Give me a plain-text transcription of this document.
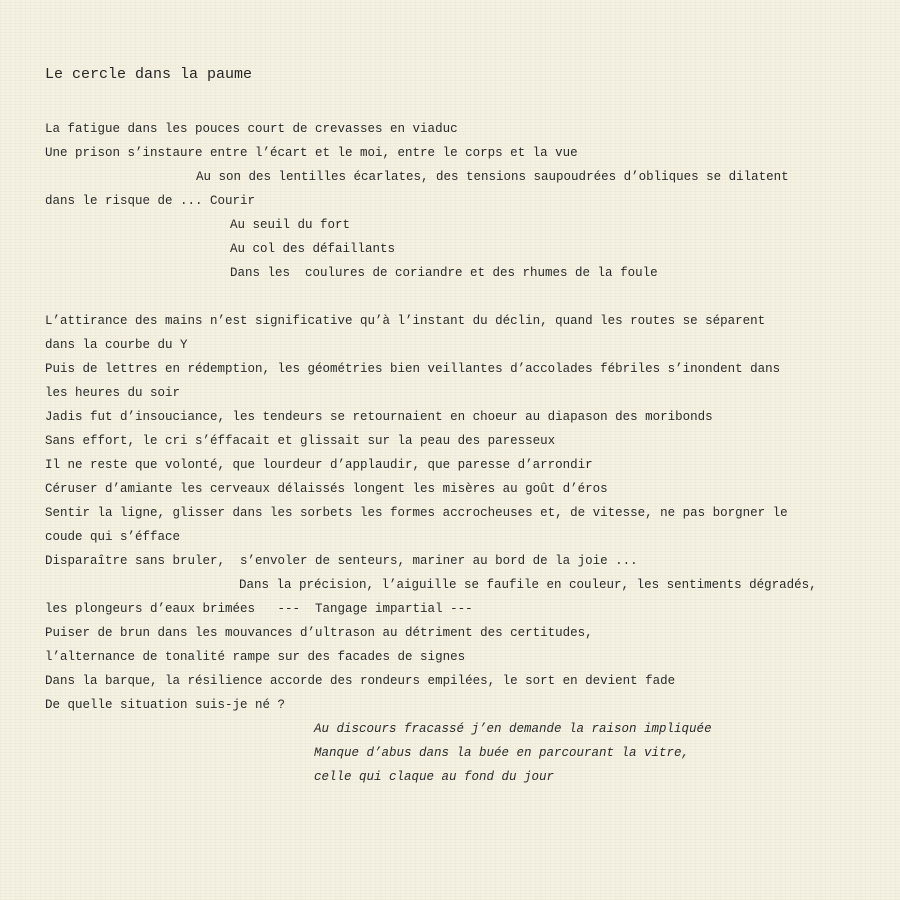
Le cercle dans la paume
La fatigue dans les pouces court de crevasses en viaduc
Une prison s’instaure entre l’écart et le moi, entre le corps et la vue
Au son des lentilles écarlates, des tensions saupoudrées d’obliques se dilatent
dans le risque de ... Courir
Au seuil du fort
Au col des défaillants
Dans les  coulures de coriandre et des rhumes de la foule
L’attirance des mains n’est significative qu’à l’instant du déclin, quand les routes se séparent
dans la courbe du Y
Puis de lettres en rédemption, les géométries bien veillantes d’accolades fébriles s’inondent dans
les heures du soir
Jadis fut d’insouciance, les tendeurs se retournaient en choeur au diapason des moribonds
Sans effort, le cri s’éffacait et glissait sur la peau des paresseux
Il ne reste que volonté, que lourdeur d’applaudir, que paresse d’arrondir
Céruser d’amiante les cerveaux délaissés longent les misères au goût d’éros
Sentir la ligne, glisser dans les sorbets les formes accrocheuses et, de vitesse, ne pas borgner le
coude qui s’éfface
Disparaître sans bruler,  s’envoler de senteurs, mariner au bord de la joie ...
Dans la précision, l’aiguille se faufile en couleur, les sentiments dégradés,
les plongeurs d’eaux brimées   ---  Tangage impartial ---
Puiser de brun dans les mouvances d’ultrason au détriment des certitudes,
l’alternance de tonalité rampe sur des facades de signes
Dans la barque, la résilience accorde des rondeurs empilées, le sort en devient fade
De quelle situation suis-je né ?
Au discours fracassé j’en demande la raison impliquée
Manque d’abus dans la buée en parcourant la vitre,
celle qui claque au fond du jour
